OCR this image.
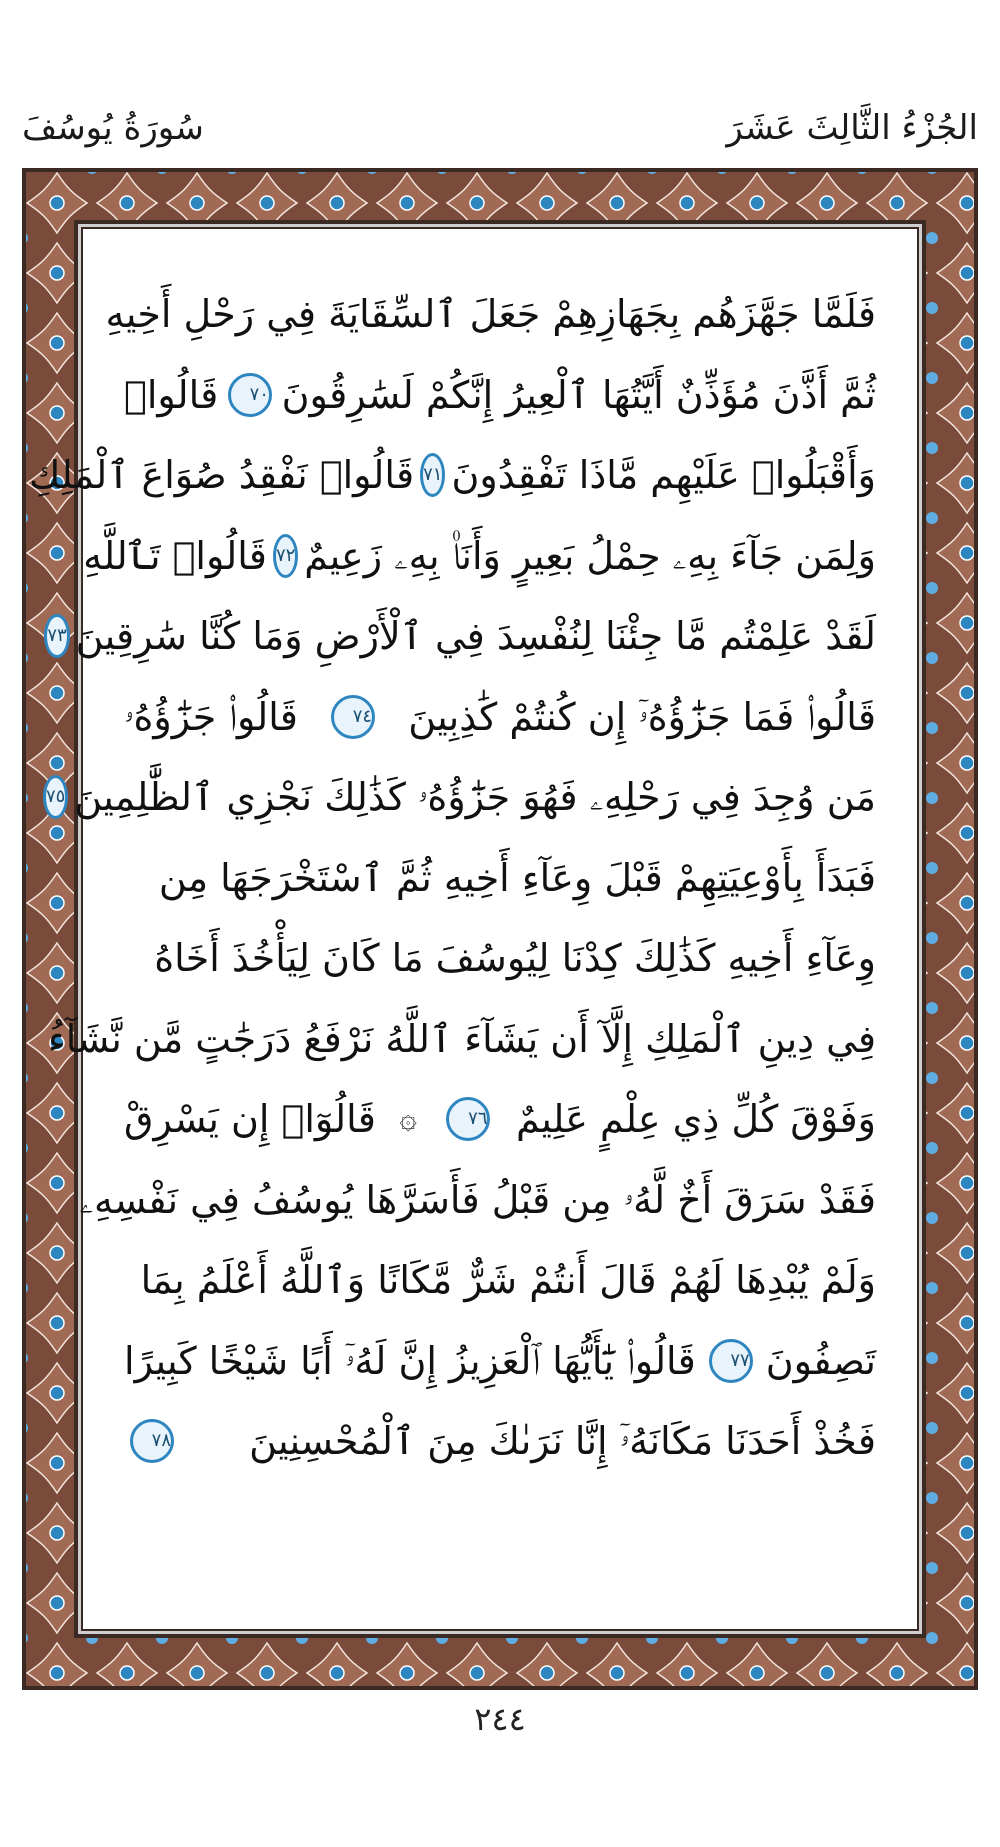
سُورَةُ يُوسُفَ	الجُزْءُ الثَّالِثَ عَشَرَ
فَلَمَّا جَهَّزَهُم بِجَهَازِهِمْ جَعَلَ ٱلسِّقَايَةَ فِي رَحْلِ أَخِيهِ
ثُمَّ أَذَّنَ مُؤَذِّنٌ أَيَّتُهَا ٱلْعِيرُ إِنَّكُمْ لَسَٰرِقُونَ
٧٠
قَالُوا۟
وَأَقْبَلُوا۟ عَلَيْهِم مَّاذَا تَفْقِدُونَ
٧١
قَالُوا۟ نَفْقِدُ صُوَاعَ ٱلْمَلِكِ
وَلِمَن جَآءَ بِهِۦ حِمْلُ بَعِيرٍ وَأَنَا۠ بِهِۦ زَعِيمٌ
٧٢
قَالُوا۟ تَٱللَّهِ
لَقَدْ عَلِمْتُم مَّا جِئْنَا لِنُفْسِدَ فِي ٱلْأَرْضِ وَمَا كُنَّا سَٰرِقِينَ
٧٣
قَالُوا۟ فَمَا جَزَٰٓؤُهُۥٓ إِن كُنتُمْ كَٰذِبِينَ
٧٤
قَالُوا۟ جَزَٰٓؤُهُۥ
مَن وُجِدَ فِي رَحْلِهِۦ فَهُوَ جَزَٰٓؤُهُۥ كَذَٰلِكَ نَجْزِي ٱلظَّٰلِمِينَ
٧٥
فَبَدَأَ بِأَوْعِيَتِهِمْ قَبْلَ وِعَآءِ أَخِيهِ ثُمَّ ٱسْتَخْرَجَهَا مِن
وِعَآءِ أَخِيهِ كَذَٰلِكَ كِدْنَا لِيُوسُفَ مَا كَانَ لِيَأْخُذَ أَخَاهُ
فِي دِينِ ٱلْمَلِكِ إِلَّآ أَن يَشَآءَ ٱللَّهُ نَرْفَعُ دَرَجَٰتٍ مَّن نَّشَآءُ
وَفَوْقَ كُلِّ ذِي عِلْمٍ عَلِيمٌ
٧٦
۞
قَالُوٓا۟ إِن يَسْرِقْ
فَقَدْ سَرَقَ أَخٌ لَّهُۥ مِن قَبْلُ فَأَسَرَّهَا يُوسُفُ فِي نَفْسِهِۦ
وَلَمْ يُبْدِهَا لَهُمْ قَالَ أَنتُمْ شَرٌّ مَّكَانًا وَٱللَّهُ أَعْلَمُ بِمَا
تَصِفُونَ
٧٧
قَالُوا۟ يَٰٓأَيُّهَا ٱلْعَزِيزُ إِنَّ لَهُۥٓ أَبًا شَيْخًا كَبِيرًا
فَخُذْ أَحَدَنَا مَكَانَهُۥٓ إِنَّا نَرَىٰكَ مِنَ ٱلْمُحْسِنِينَ
٧٨
٢٤٤
